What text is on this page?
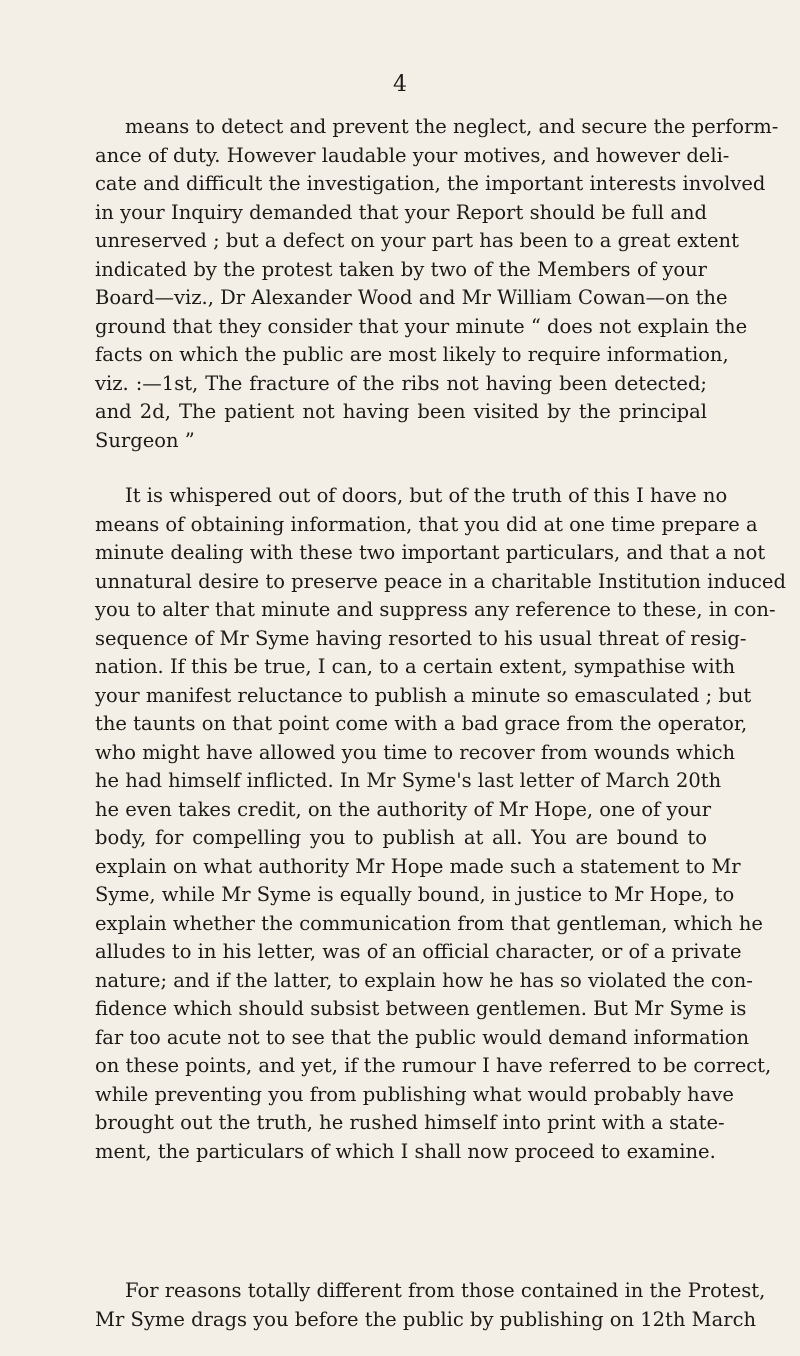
4
means to detect and prevent the neglect, and secure the perform-
ance of duty. However laudable your motives, and however deli-
cate and difficult the investigation, the important interests involved
in your Inquiry demanded that your Report should be full and
unreserved ; but a defect on your part has been to a great extent
indicated by the protest taken by two of the Members of your
Board—viz., Dr Alexander Wood and Mr William Cowan—on the
ground that they consider that your minute “ does not explain the
facts on which the public are most likely to require information,
viz. :—1st, The fracture of the ribs not having been detected;
and 2d, The patient not having been visited by the principal
Surgeon ”
It is whispered out of doors, but of the truth of this I have no
means of obtaining information, that you did at one time prepare a
minute dealing with these two important particulars, and that a not
unnatural desire to preserve peace in a charitable Institution induced
you to alter that minute and suppress any reference to these, in con-
sequence of Mr Syme having resorted to his usual threat of resig-
nation. If this be true, I can, to a certain extent, sympathise with
your manifest reluctance to publish a minute so emasculated ; but
the taunts on that point come with a bad grace from the operator,
who might have allowed you time to recover from wounds which
he had himself inflicted. In Mr Syme's last letter of March 20th
he even takes credit, on the authority of Mr Hope, one of your
body, for compelling you to publish at all. You are bound to
explain on what authority Mr Hope made such a statement to Mr
Syme, while Mr Syme is equally bound, in justice to Mr Hope, to
explain whether the communication from that gentleman, which he
alludes to in his letter, was of an official character, or of a private
nature; and if the latter, to explain how he has so violated the con-
fidence which should subsist between gentlemen. But Mr Syme is
far too acute not to see that the public would demand information
on these points, and yet, if the rumour I have referred to be correct,
while preventing you from publishing what would probably have
brought out the truth, he rushed himself into print with a state-
ment, the particulars of which I shall now proceed to examine.
For reasons totally different from those contained in the Protest,
Mr Syme drags you before the public by publishing on 12th March
